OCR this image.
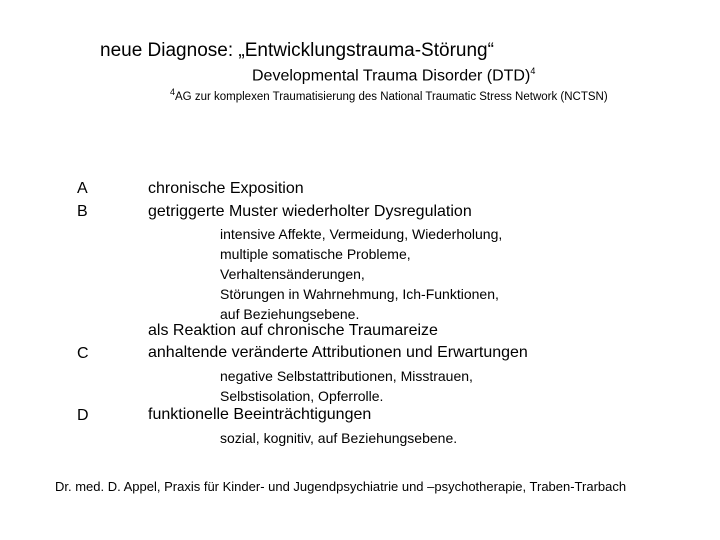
neue Diagnose: „Entwicklungstrauma-Störung“
Developmental Trauma Disorder (DTD)$^4$
$^4$AG zur komplexen Traumatisierung des National Traumatic Stress Network (NCTSN)
A	chronische Exposition
B	getriggerte Muster wiederholter Dysregulation
intensive Affekte, Vermeidung, Wiederholung,
multiple somatische Probleme,
Verhaltensänderungen,
Störungen in Wahrnehmung, Ich-Funktionen,
auf Beziehungsebene.
als Reaktion auf chronische Traumareize
C	anhaltende veränderte Attributionen und Erwartungen
negative Selbstattributionen, Misstrauen,
Selbstisolation, Opferrolle.
D	funktionelle Beeinträchtigungen
sozial, kognitiv, auf Beziehungsebene.
Dr. med. D. Appel, Praxis für Kinder- und Jugendpsychiatrie und –psychotherapie, Traben-Trarbach
